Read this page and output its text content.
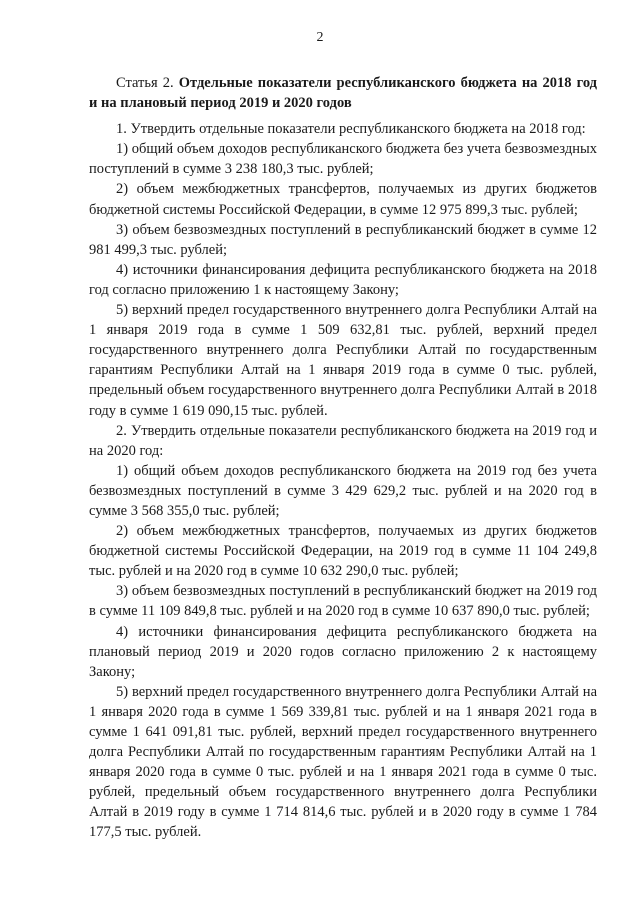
2

Статья 2. Отдельные показатели республиканского бюджета на 2018 год и на плановый период 2019 и 2020 годов

1. Утвердить отдельные показатели республиканского бюджета на 2018 год:

1) общий объем доходов республиканского бюджета без учета безвозмездных поступлений в сумме 3 238 180,3 тыс. рублей;

2) объем межбюджетных трансфертов, получаемых из других бюджетов бюджетной системы Российской Федерации, в сумме 12 975 899,3 тыс. рублей;

3) объем безвозмездных поступлений в республиканский бюджет в сумме 12 981 499,3 тыс. рублей;

4) источники финансирования дефицита республиканского бюджета на 2018 год согласно приложению 1 к настоящему Закону;

5) верхний предел государственного внутреннего долга Республики Алтай на 1 января 2019 года в сумме 1 509 632,81 тыс. рублей, верхний предел государственного внутреннего долга Республики Алтай по государственным гарантиям Республики Алтай на 1 января 2019 года в сумме 0 тыс. рублей, предельный объем государственного внутреннего долга Республики Алтай в 2018 году в сумме 1 619 090,15 тыс. рублей.

2. Утвердить отдельные показатели республиканского бюджета на 2019 год и на 2020 год:

1) общий объем доходов республиканского бюджета на 2019 год без учета безвозмездных поступлений в сумме 3 429 629,2 тыс. рублей и на 2020 год в сумме 3 568 355,0 тыс. рублей;

2) объем межбюджетных трансфертов, получаемых из других бюджетов бюджетной системы Российской Федерации, на 2019 год в сумме 11 104 249,8 тыс. рублей и на 2020 год в сумме 10 632 290,0 тыс. рублей;

3) объем безвозмездных поступлений в республиканский бюджет на 2019 год в сумме 11 109 849,8 тыс. рублей и на 2020 год в сумме 10 637 890,0 тыс. рублей;

4) источники финансирования дефицита республиканского бюджета на плановый период 2019 и 2020 годов согласно приложению 2 к настоящему Закону;

5) верхний предел государственного внутреннего долга Республики Алтай на 1 января 2020 года в сумме 1 569 339,81 тыс. рублей и на 1 января 2021 года в сумме 1 641 091,81 тыс. рублей, верхний предел государственного внутреннего долга Республики Алтай по государственным гарантиям Республики Алтай на 1 января 2020 года в сумме 0 тыс. рублей и на 1 января 2021 года в сумме 0 тыс. рублей, предельный объем государственного внутреннего долга Республики Алтай в 2019 году в сумме 1 714 814,6 тыс. рублей и в 2020 году в сумме 1 784 177,5 тыс. рублей.
